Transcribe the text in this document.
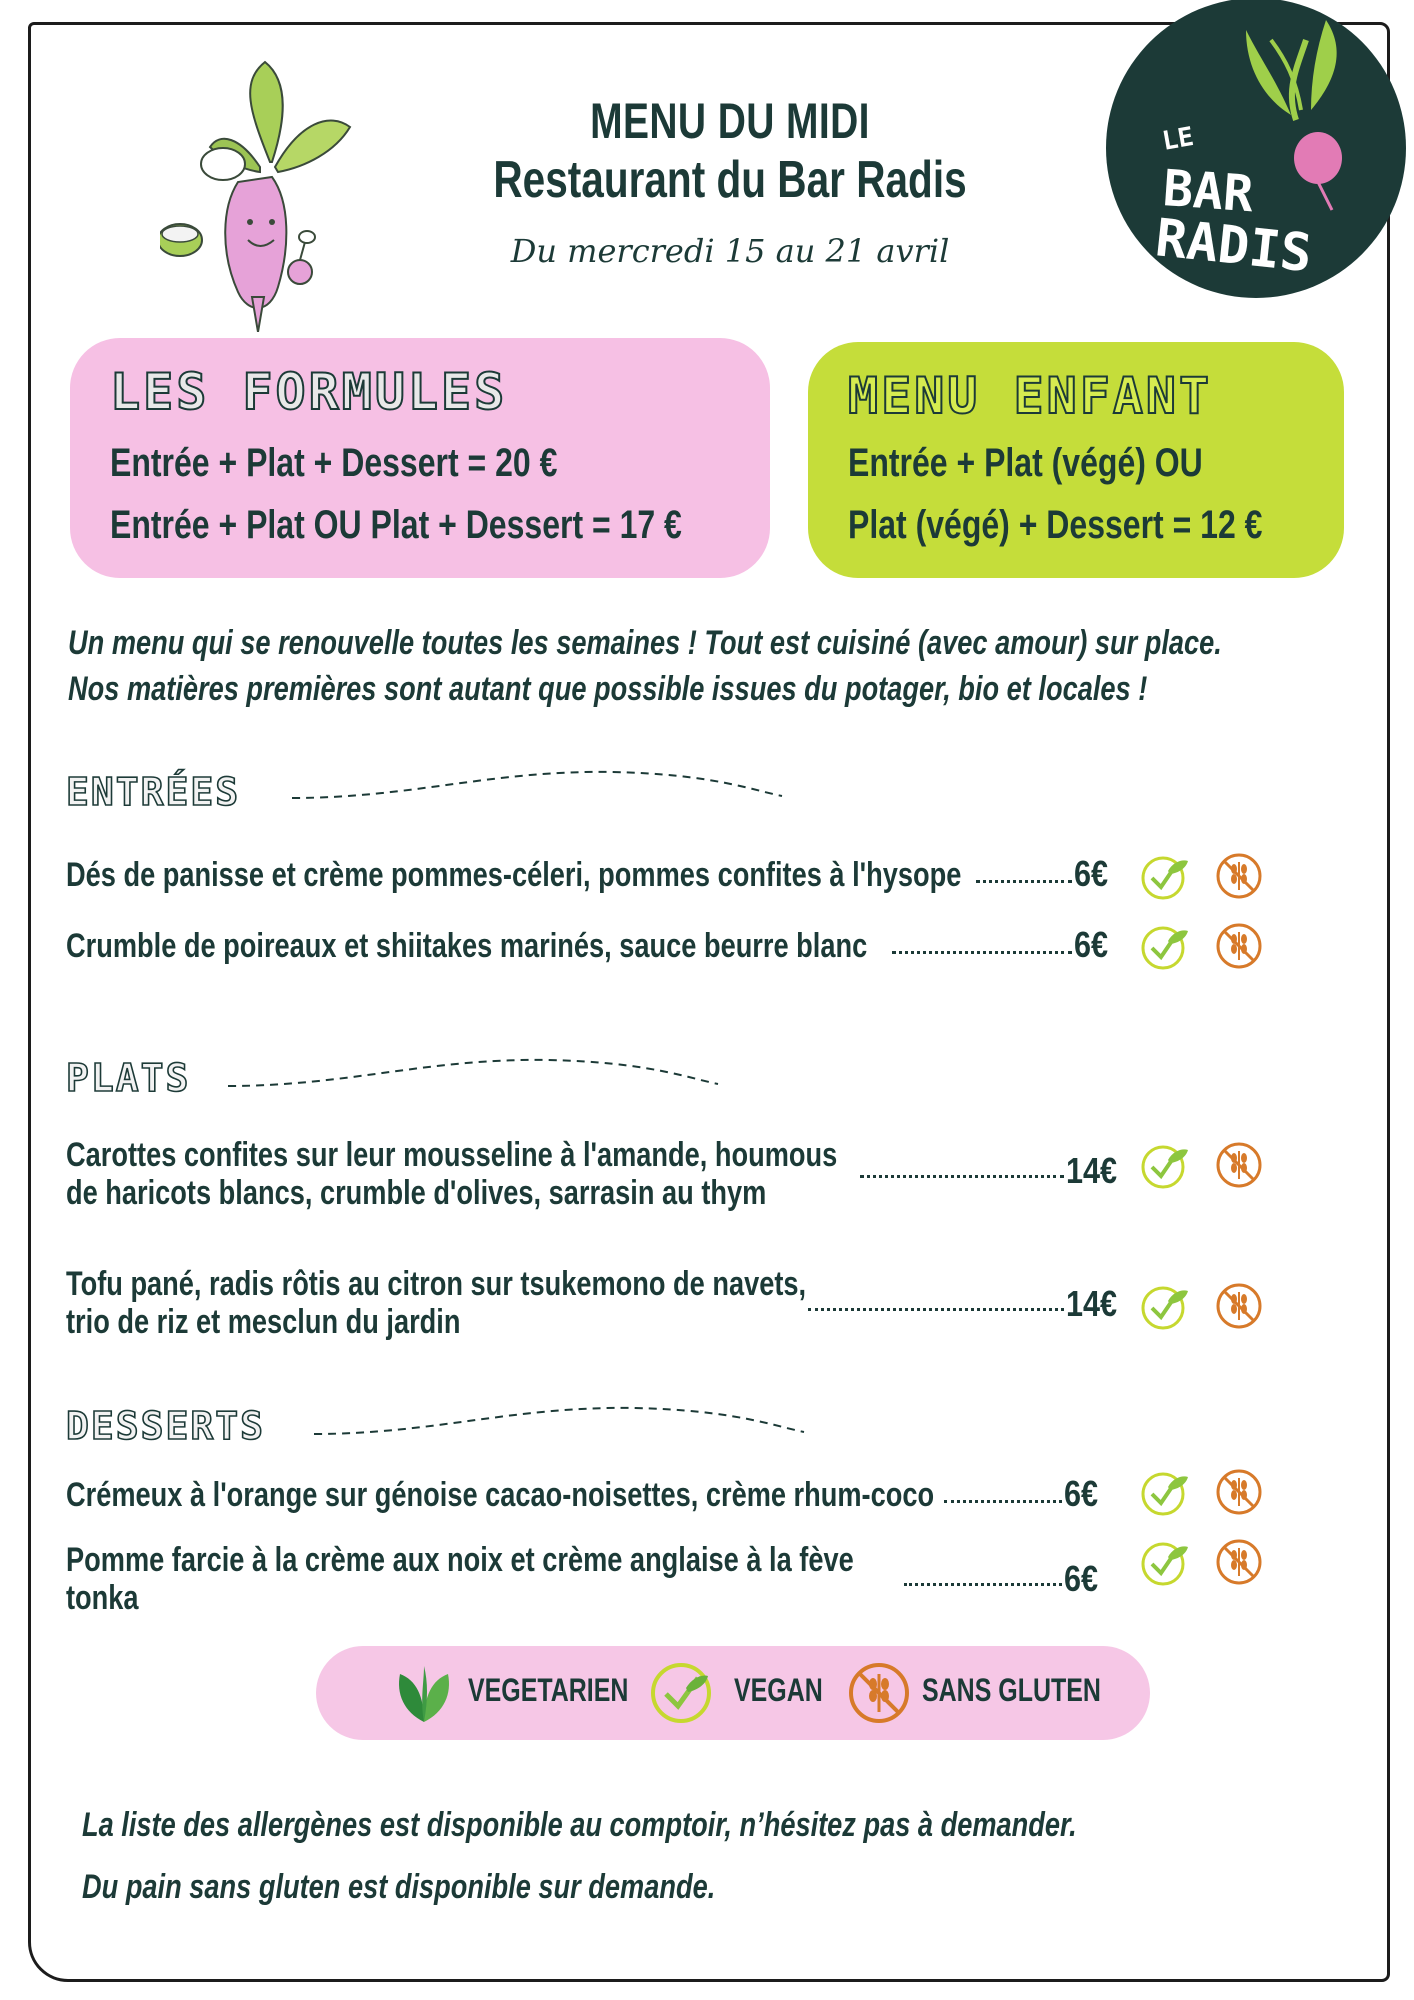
MENU DU MIDI
Restaurant du Bar Radis
Du mercredi 15 au 21 avril
LE
BAR
RADIS
LES FORMULES
Entrée + Plat + Dessert = 20 €
Entrée + Plat OU Plat + Dessert = 17 €
MENU ENFANT
Entrée + Plat (végé) OU
Plat (végé) + Dessert = 12 €
Un menu qui se renouvelle toutes les semaines ! Tout est cuisiné (avec amour) sur place.
Nos matières premières sont autant que possible issues du potager, bio et locales !
ENTRÉES
Dés de panisse et crème pommes-céleri, pommes confites à l'hysope	6€
Crumble de poireaux et shiitakes marinés, sauce beurre blanc	6€
PLATS
Carottes confites sur leur mousseline à l'amande, houmous
de haricots blancs, crumble d'olives, sarrasin au thym
14€
Tofu pané, radis rôtis au citron sur tsukemono de navets,
trio de riz et mesclun du jardin	14€
DESSERTS
Crémeux à l'orange sur génoise cacao-noisettes, crème rhum-coco	6€
Pomme farcie à la crème aux noix et crème anglaise à la fève
tonka	6€
VEGETARIEN	VEGAN	SANS GLUTEN
La liste des allergènes est disponible au comptoir, n’hésitez pas à demander.
Du pain sans gluten est disponible sur demande.
